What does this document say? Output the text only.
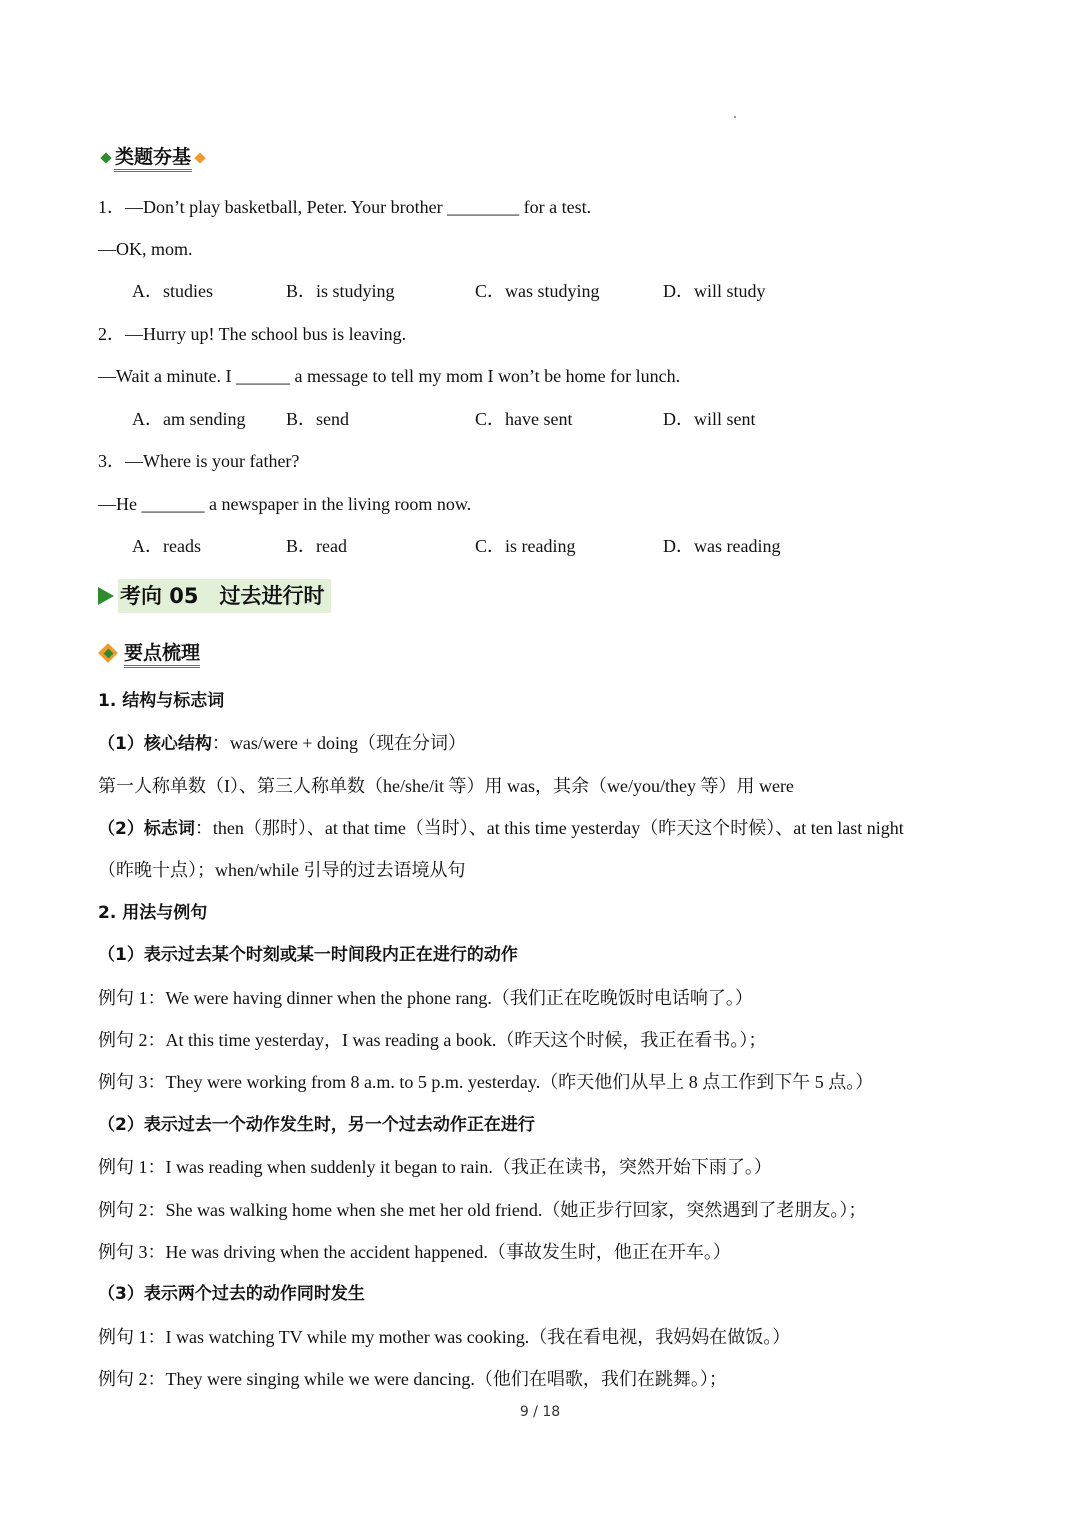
类题夯基
1．—Don’t play basketball, Peter. Your brother ________ for a test.
—OK, mom.
A．studies	B．is studying	C．was studying	D．will study
2．—Hurry up! The school bus is leaving.
—Wait a minute. I ______ a message to tell my mom I won’t be home for lunch.
A．am sending B．send	C．have sent	D．will sent
3．—Where is your father?
—He _______ a newspaper in the living room now.
A．reads	B．read	C．is reading	D．was reading
考向 05　过去进行时
要点梳理
1. 结构与标志词
（1）核心结构：was/were + doing（现在分词）
第一人称单数（I）、第三人称单数（he/she/it 等）用 was，其余（we/you/they 等）用 were
（2）标志词：then（那时）、at that time（当时）、at this time yesterday（昨天这个时候）、at ten last night
（昨晚十点）；when/while 引导的过去语境从句
2. 用法与例句
（1）表示过去某个时刻或某一时间段内正在进行的动作
例句 1：We were having dinner when the phone rang.（我们正在吃晚饭时电话响了。）
例句 2：At this time yesterday，I was reading a book.（昨天这个时候，我正在看书。）；
例句 3：They were working from 8 a.m. to 5 p.m. yesterday.（昨天他们从早上 8 点工作到下午 5 点。）
（2）表示过去一个动作发生时，另一个过去动作正在进行
例句 1：I was reading when suddenly it began to rain.（我正在读书，突然开始下雨了。）
例句 2：She was walking home when she met her old friend.（她正步行回家，突然遇到了老朋友。）；
例句 3：He was driving when the accident happened.（事故发生时，他正在开车。）
（3）表示两个过去的动作同时发生
例句 1：I was watching TV while my mother was cooking.（我在看电视，我妈妈在做饭。）
例句 2：They were singing while we were dancing.（他们在唱歌，我们在跳舞。）；
9 / 18
